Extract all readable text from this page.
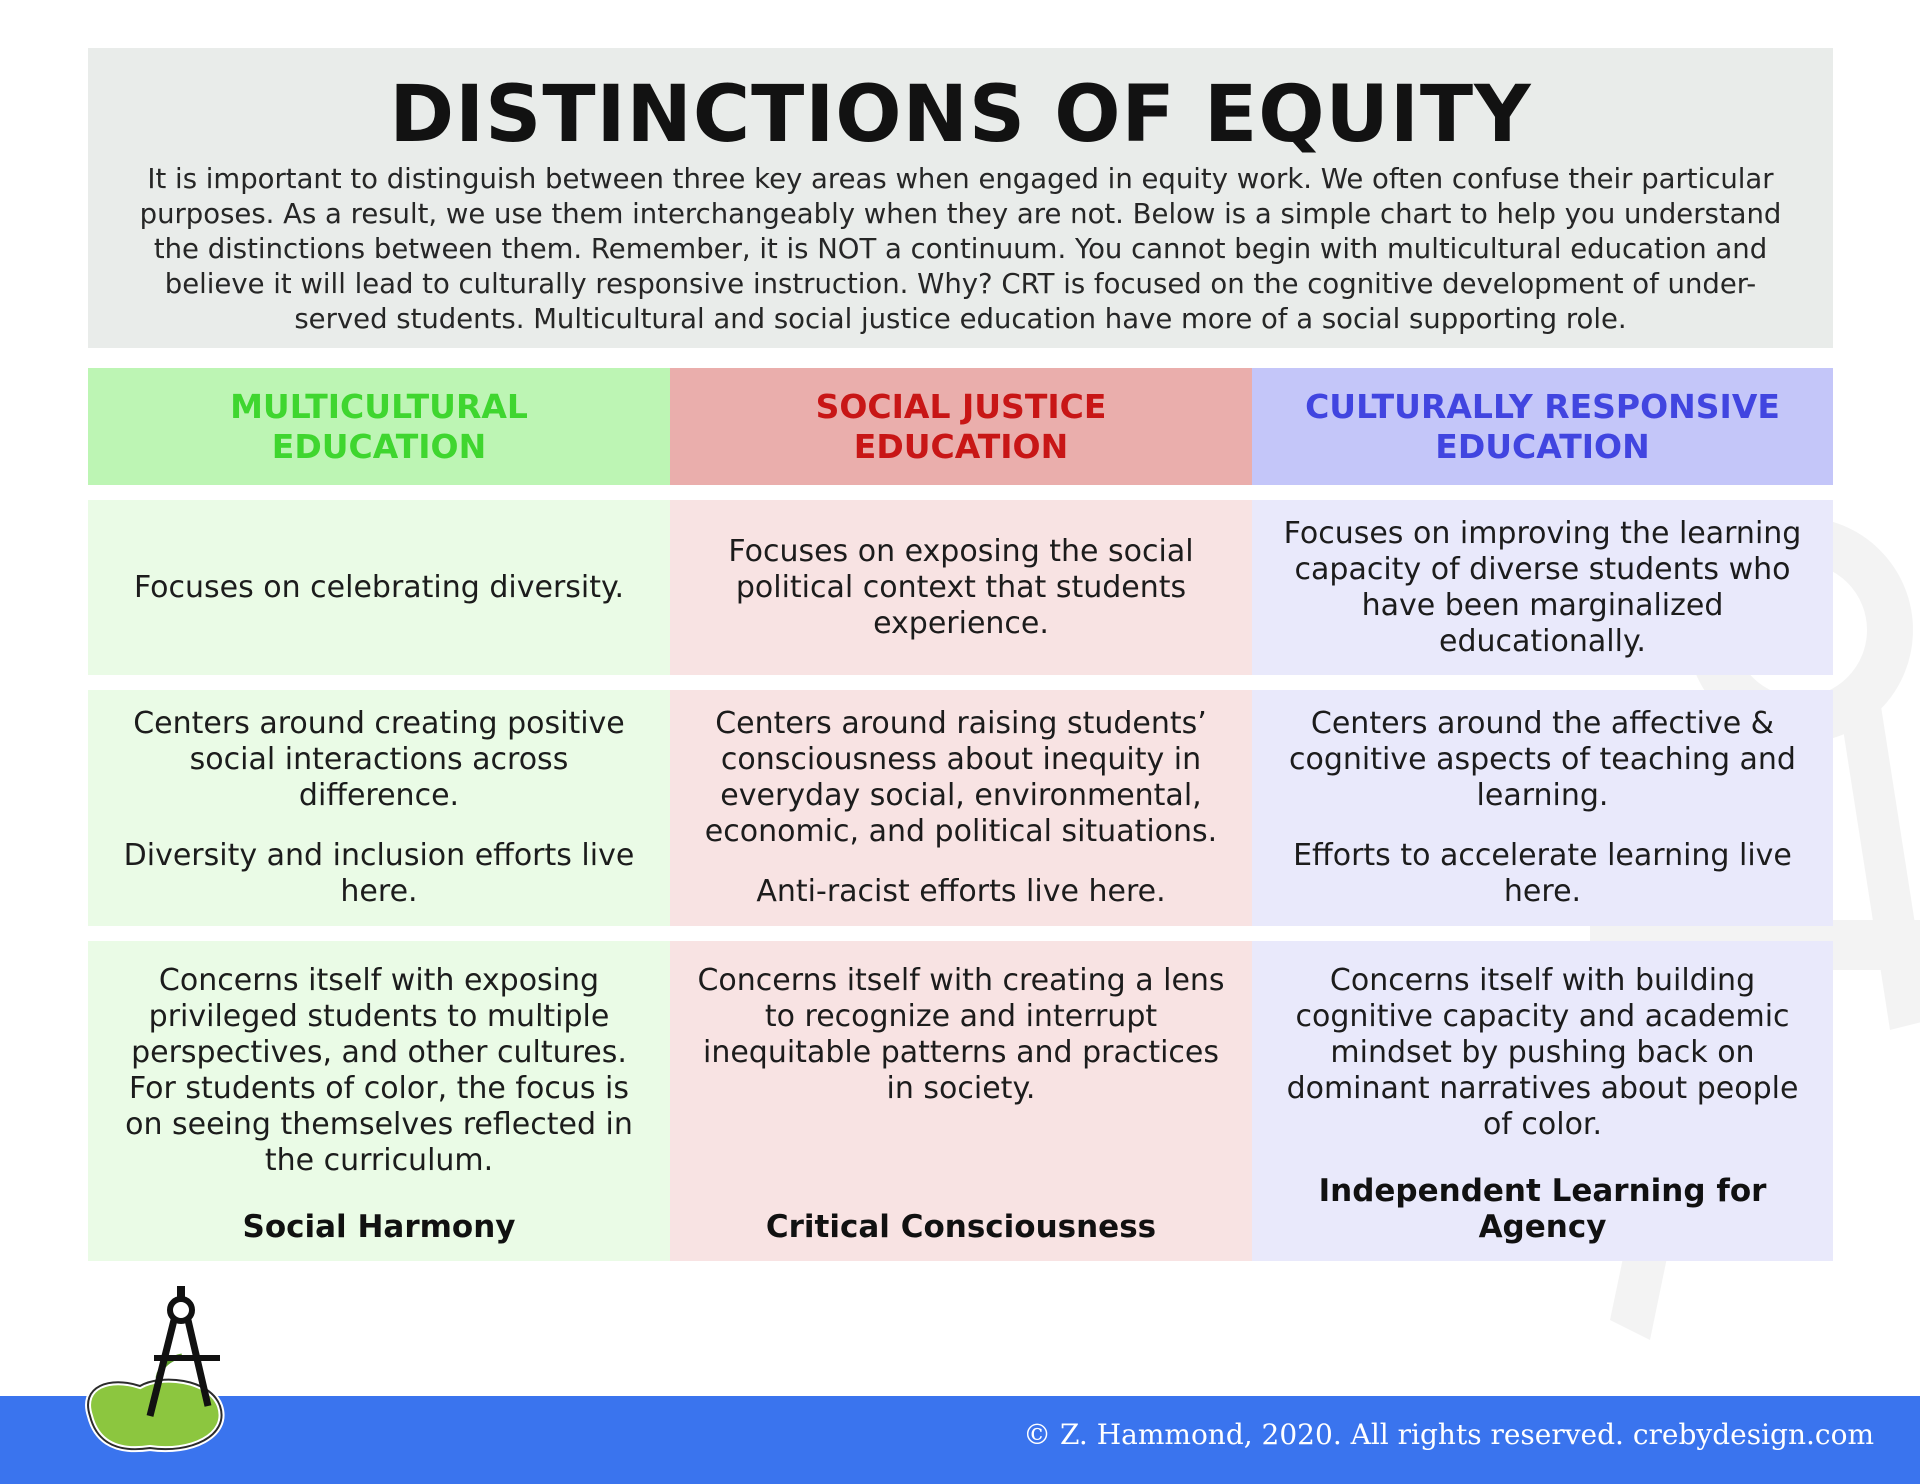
DISTINCTIONS OF EQUITY
It is important to distinguish between three key areas when engaged in equity work. We often confuse their particular purposes. As a result, we use them interchangeably when they are not. Below is a simple chart to help you understand the distinctions between them. Remember, it is NOT a continuum. You cannot begin with multicultural education and believe it will lead to culturally responsive instruction. Why? CRT is focused on the cognitive development of under-served students. Multicultural and social justice education have more of a social supporting role.
MULTICULTURAL
EDUCATION
SOCIAL JUSTICE
EDUCATION
CULTURALLY RESPONSIVE
EDUCATION

Focuses on celebrating diversity.

Focuses on exposing the social political context that students experience.

Focuses on improving the learning capacity of diverse students who have been marginalized educationally.

Centers around creating positive social interactions across difference.

Diversity and inclusion efforts live here.

Centers around raising students’ consciousness about inequity in everyday social, environmental, economic, and political situations.

Anti-racist efforts live here.

Centers around the affective & cognitive aspects of teaching and learning.

Efforts to accelerate learning live here.

Concerns itself with exposing privileged students to multiple perspectives, and other cultures. For students of color, the focus is on seeing themselves reflected in the curriculum.

Social Harmony

Concerns itself with creating a lens to recognize and interrupt inequitable patterns and practices in society.

Critical Consciousness

Concerns itself with building cognitive capacity and academic mindset by pushing back on dominant narratives about people of color.

Independent Learning for Agency

© Z. Hammond, 2020. All rights reserved. crebydesign.com
